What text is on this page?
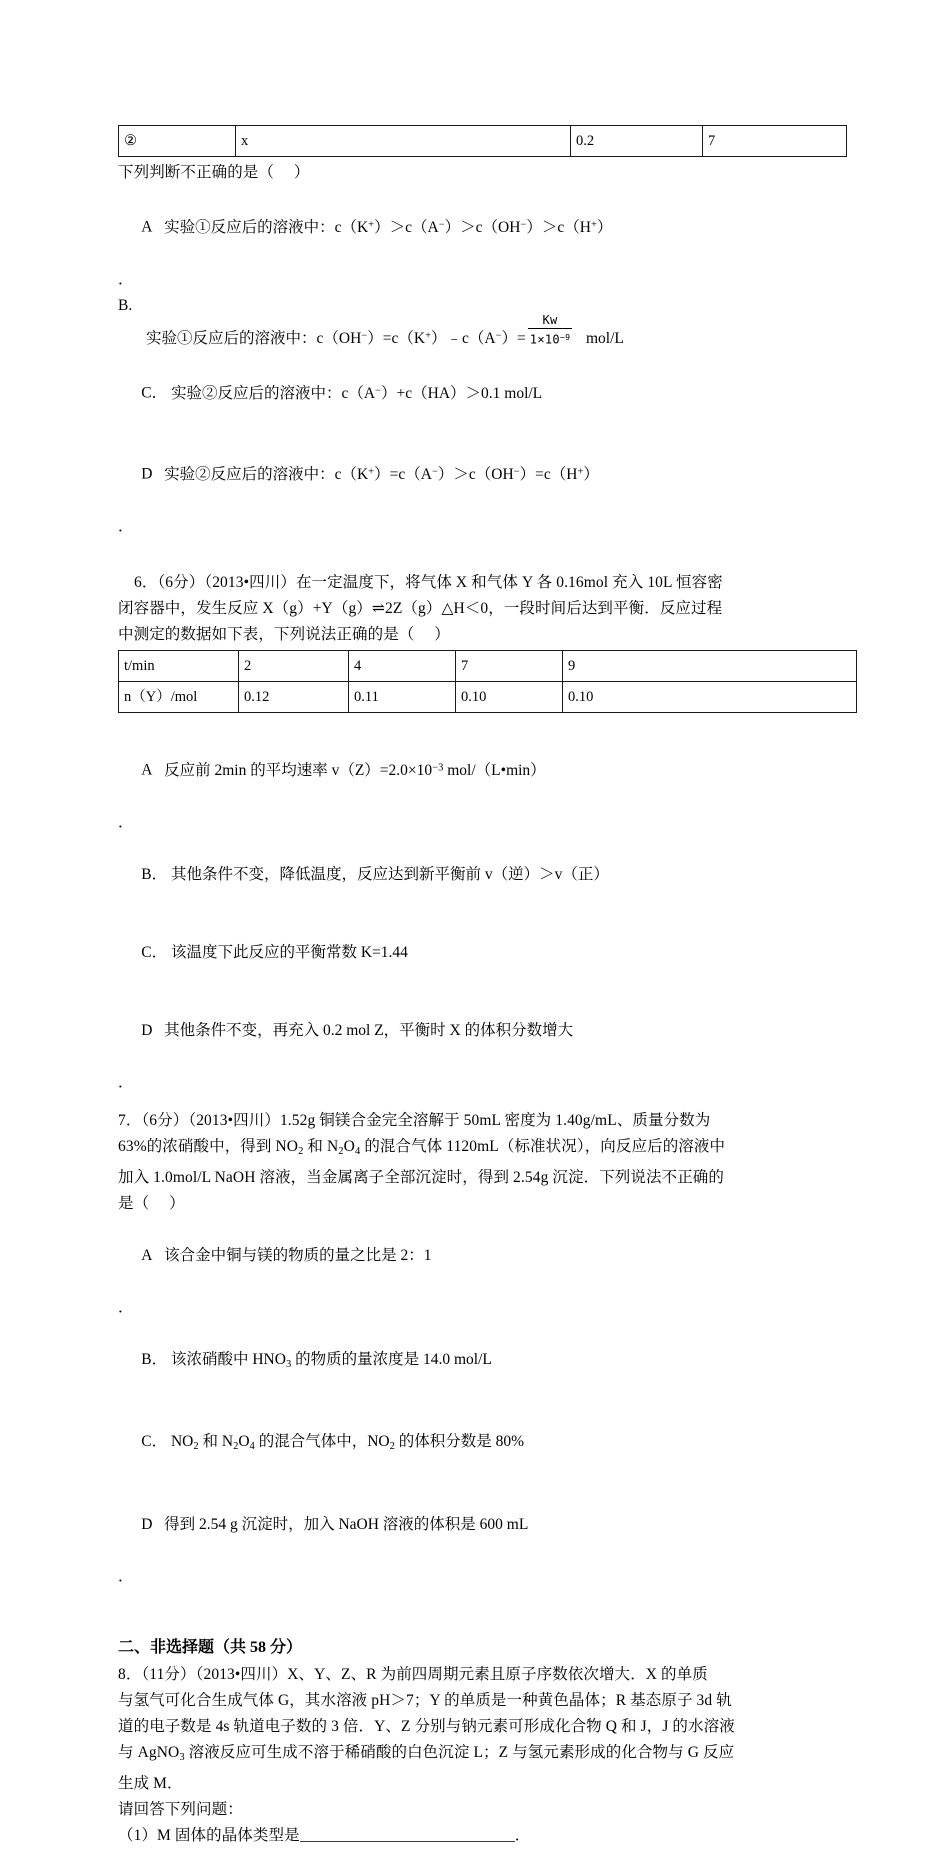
②	x	0.2	7
下列判断不正确的是（     ）

A 实验①反应后的溶液中：c（K+）＞c（A−）＞c（OH−）＞c（H+）

．
B.
实验①反应后的溶液中：c（OH−）=c（K+）﹣c（A−）= $\frac{Kw}{1\times 10^{-9}} mol/L$

C． 实验②反应后的溶液中：c（A−）+c（HA）＞0.1 mol/L

D 实验②反应后的溶液中：c（K+）=c（A−）＞c（OH−）=c（H+）

．
6．（6分）（2013•四川）在一定温度下，将气体 X 和气体 Y 各 0.16mol 充入 10L 恒容密
闭容器中，发生反应 X（g）+Y（g）⇌2Z（g）△H＜0，一段时间后达到平衡．反应过程
中测定的数据如下表，下列说法正确的是（     ）
t/min	2	4	7	9
n（Y）/mol	0.12	0.11	0.10	0.10

A 反应前 2min 的平均速率 $v(Z)=2.0\times 10^{-3}$ mol/（L•min）

．

B． 其他条件不变，降低温度，反应达到新平衡前 v（逆）＞v（正）

C． 该温度下此反应的平衡常数 K=1.44

D 其他条件不变，再充入 0.2 mol Z，平衡时 X 的体积分数增大

．
7．（6分）（2013•四川）1.52g 铜镁合金完全溶解于 50mL 密度为 1.40g/mL、质量分数为
63%的浓硝酸中，得到 $NO_2$ 和 $N_2O_4$ 的混合气体 1120mL（标准状况），向反应后的溶液中
加入 1.0mol/L NaOH 溶液，当金属离子全部沉淀时，得到 2.54g 沉淀．下列说法不正确的
是（     ）

A 该合金中铜与镁的物质的量之比是 2：1

．

B． 该浓硝酸中 $HNO_3$ 的物质的量浓度是 14.0 mol/L

C． $NO_2$ 和 $N_2O_4$ 的混合气体中，$NO_2$ 的体积分数是 80%

D 得到 2.54 g 沉淀时，加入 NaOH 溶液的体积是 600 mL

．
二、非选择题（共 58 分）
8．（11分）（2013•四川）X、Y、Z、R 为前四周期元素且原子序数依次增大．X 的单质
与氢气可化合生成气体 G，其水溶液 pH＞7；Y 的单质是一种黄色晶体；R 基态原子 3d 轨
道的电子数是 4s 轨道电子数的 3 倍．Y、Z 分别与钠元素可形成化合物 Q 和 J，J 的水溶液
与 AgNO$_3$ 溶液反应可生成不溶于稀硝酸的白色沉淀 L；Z 与氢元素形成的化合物与 G 反应
生成 M．
请回答下列问题：
（1）M 固体的晶体类型是	．
